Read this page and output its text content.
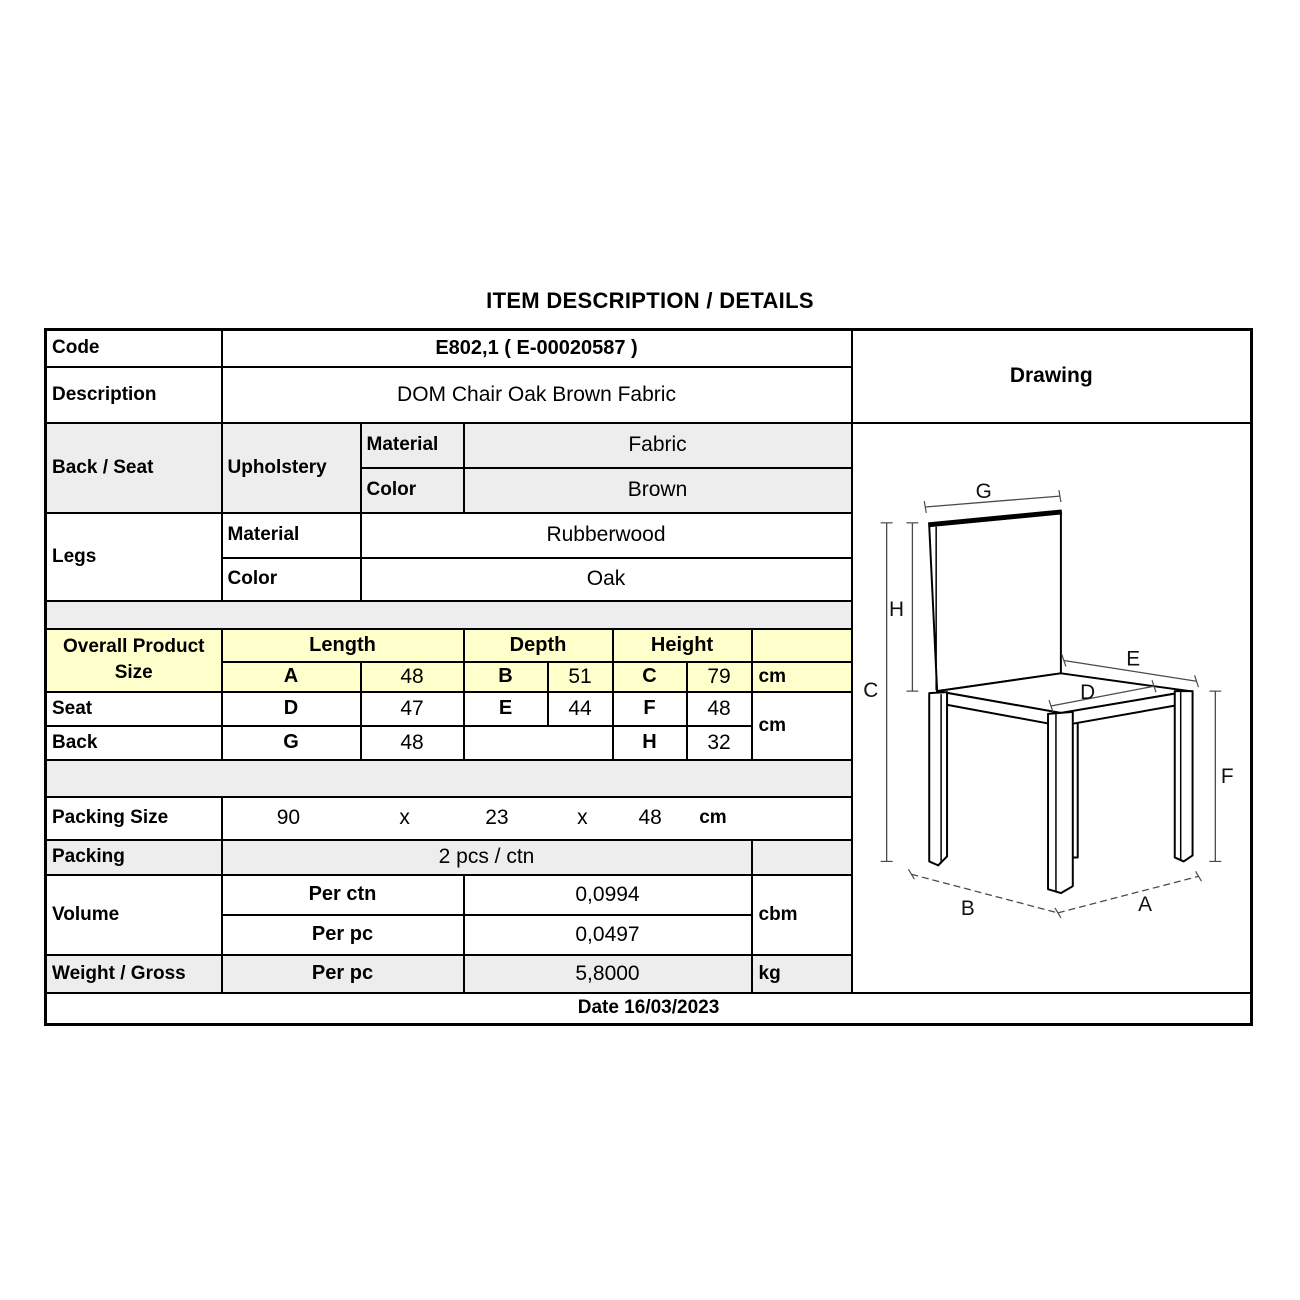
ITEM DESCRIPTION / DETAILS
Code	E802,1 ( E-00020587 )							Drawing
Description	DOM Chair Oak Brown Fabric							
Back / Seat	Upholstery	Material	Fabric	
G
H
C
E
D
F
B	A

		Color	Brown					
Legs	Material	Rubberwood						
	Color	Oak						

Overall Product
Size	Length		Depth		Height			
	A	48	B	51	C	79	cm	
Seat	D	47	E	44	F	48	cm	
Back	G	48			H	32		

Packing Size	90	x	23	x 48 cm

Packing	2 pcs / ctn							
Volume	Per ctn		0,0994				cbm	
	Per pc		0,0497					
Weight / Gross	Per pc		5,8000				kg	
Date 16/03/2023								
